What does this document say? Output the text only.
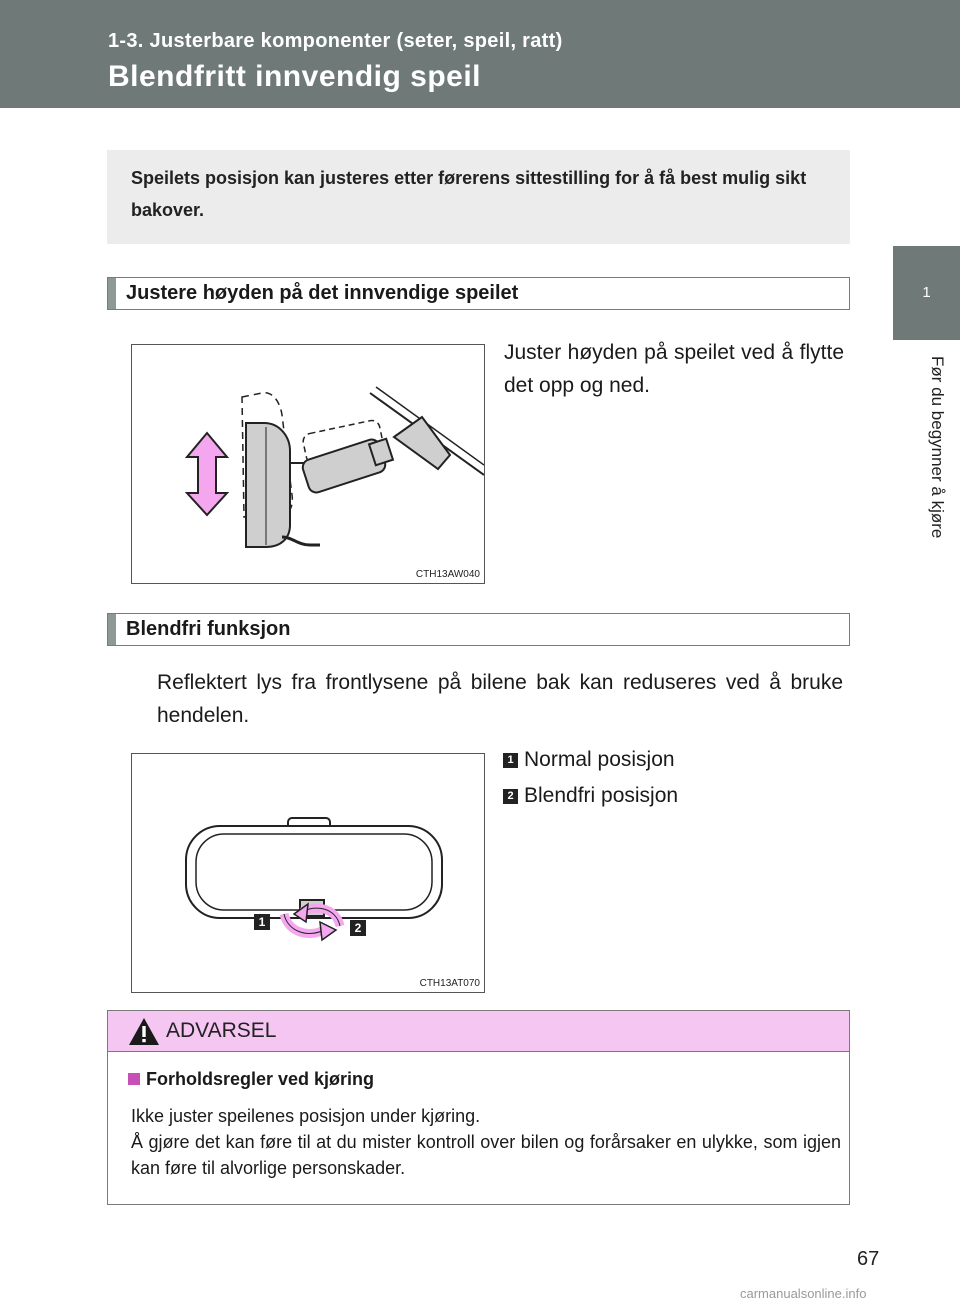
1-3. Justerbare komponenter (seter, speil, ratt)
Blendfritt innvendig speil
1
Før du begynner å kjøre
Speilets posisjon kan justeres etter førerens sittestilling for å få best mulig sikt bakover.
Justere høyden på det innvendige speilet
CTH13AW040
Juster høyden på speilet ved å flytte det opp og ned.
Blendfri funksjon
Reflektert lys fra frontlysene på bilene bak kan reduseres ved å bruke hendelen.
1 Normal posisjon
2 Blendfri posisjon
1	2
CTH13AT070
ADVARSEL
Forholdsregler ved kjøring
Ikke juster speilenes posisjon under kjøring.
Å gjøre det kan føre til at du mister kontroll over bilen og forårsaker en ulykke, som igjen kan føre til alvorlige personskader.
67
carmanualsonline.info
